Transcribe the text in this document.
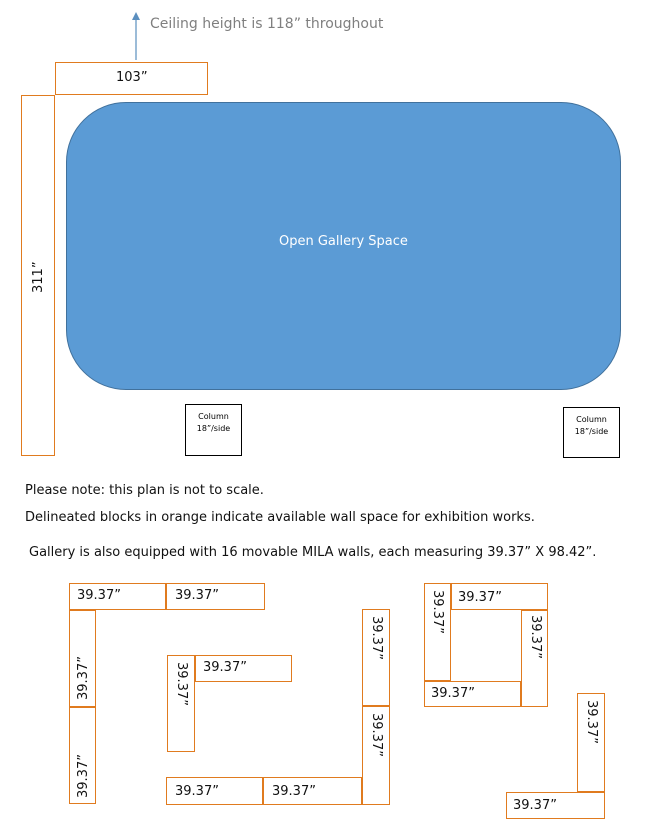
Ceiling height is 118” throughout
103”
311”
Open Gallery Space
Column
18”/side
Column
18”/side
Please note: this plan is not to scale.
Delineated blocks in orange indicate available wall space for exhibition works.
Gallery is also equipped with 16 movable MILA walls, each measuring 39.37” X 98.42”.
39.37”	39.37”
39.37”
39.37”
39.37”
39.37”
39.37”	39.37”
39.37”
39.37”
39.37” 39.37”
39.37”
39.37”
39.37”
39.37”
